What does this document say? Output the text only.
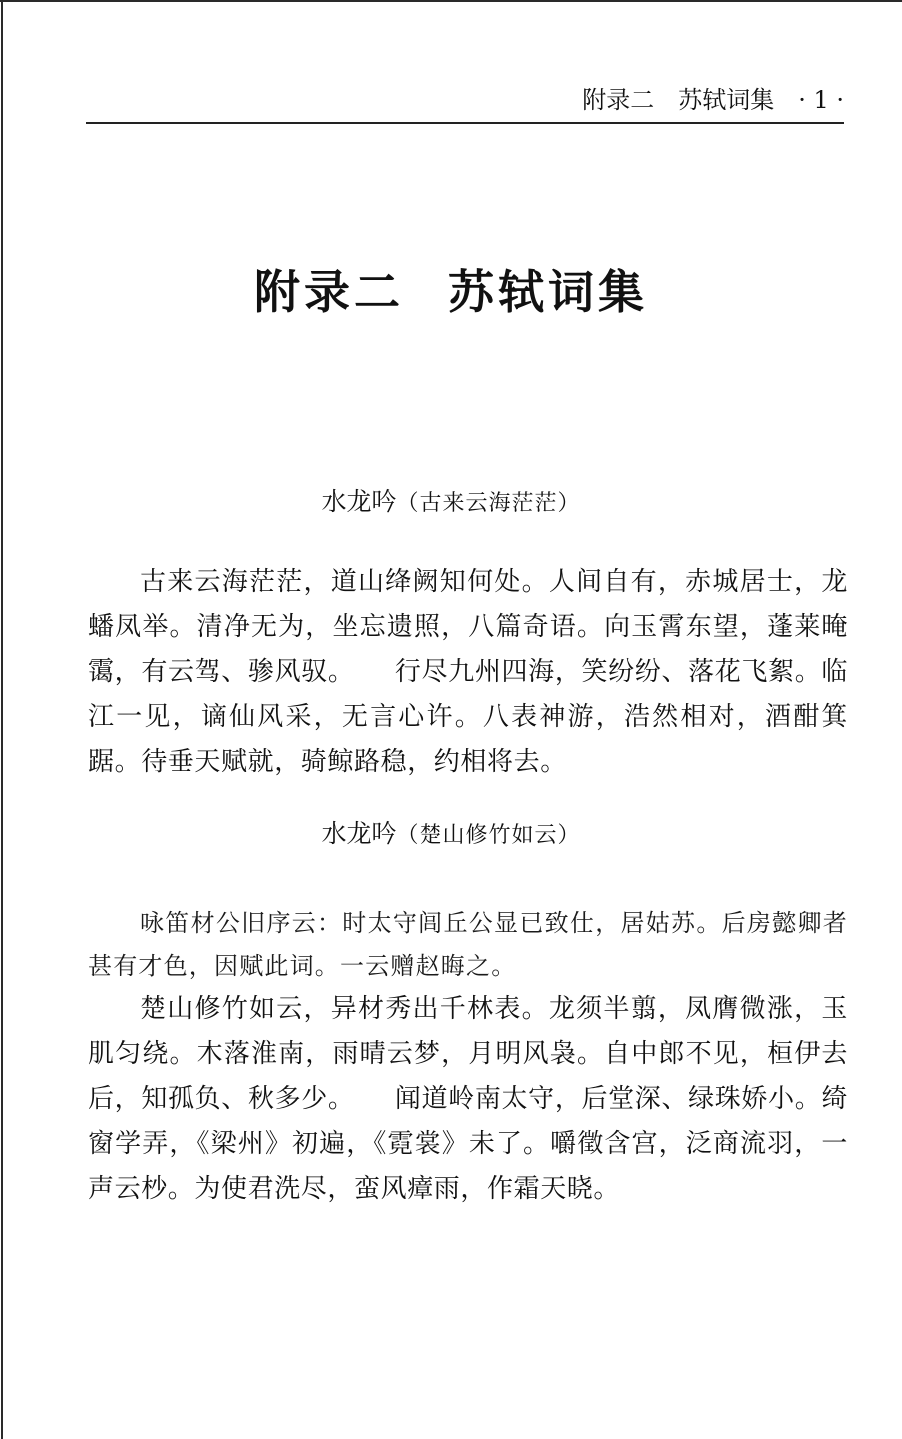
附录二　苏轼词集 · 1 ·
附录二 苏轼词集
水龙吟（古来云海茫茫）

古来云海茫茫，道山绛阙知何处。人间自有，赤城居士，龙蟠凤举。清净无为，坐忘遗照，八篇奇语。向玉霄东望，蓬莱晻霭，有云驾、骖风驭。　　行尽九州四海，笑纷纷、落花飞絮。临江一见，谪仙风采，无言心许。八表神游，浩然相对，酒酣箕踞。待垂天赋就，骑鲸路稳，约相将去。

水龙吟（楚山修竹如云）

咏笛材公旧序云：时太守闾丘公显已致仕，居姑苏。后房懿卿者甚有才色，因赋此词。一云赠赵晦之。

楚山修竹如云，异材秀出千林表。龙须半翦，凤膺微涨，玉肌匀绕。木落淮南，雨晴云梦，月明风袅。自中郎不见，桓伊去后，知孤负、秋多少。　　闻道岭南太守，后堂深、绿珠娇小。绮窗学弄，《梁州》初遍，《霓裳》未了。嚼徵含宫，泛商流羽，一声云杪。为使君洗尽，蛮风瘴雨，作霜天晓。
